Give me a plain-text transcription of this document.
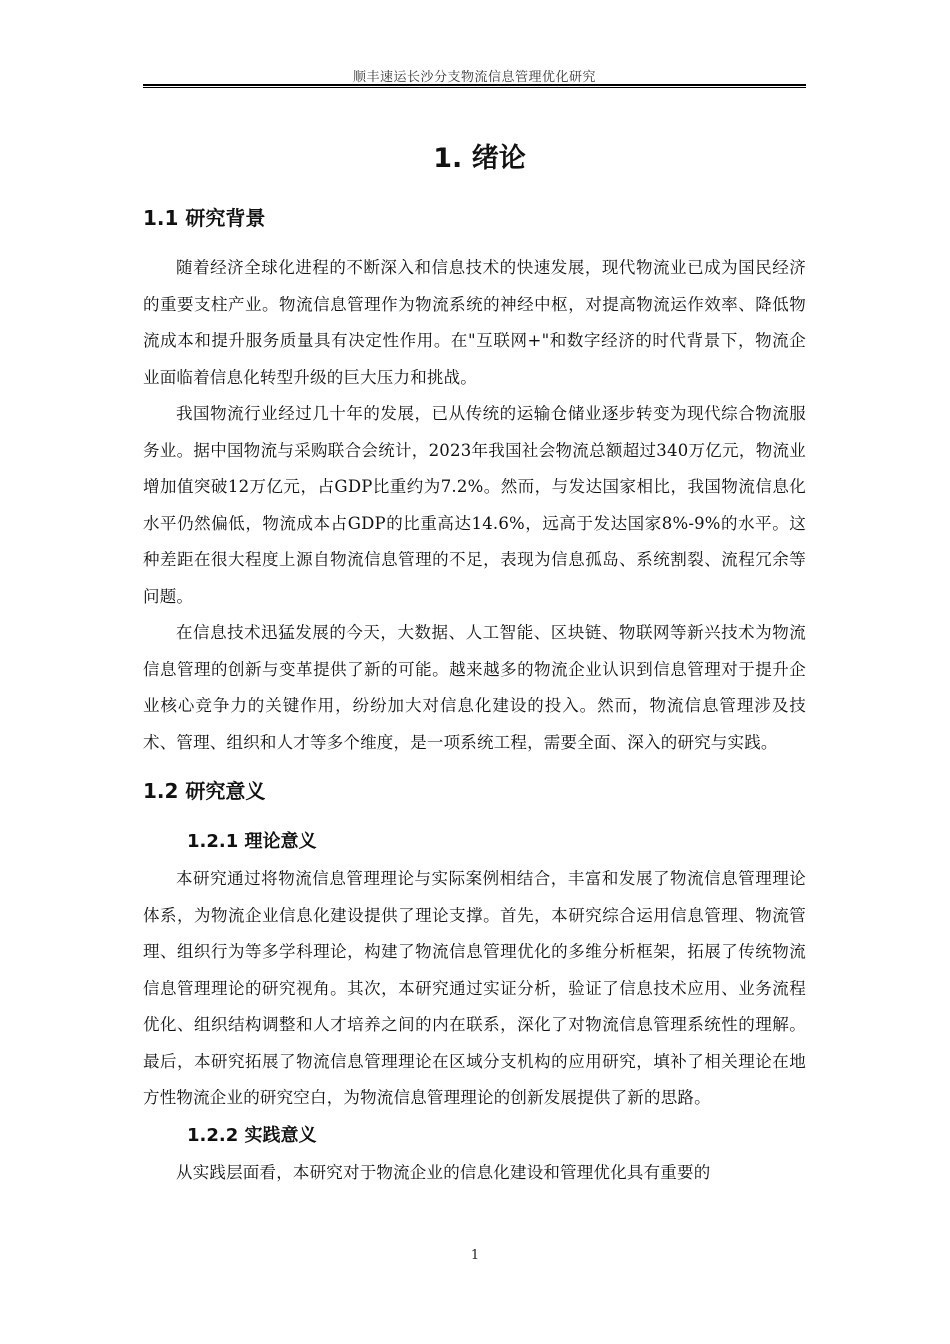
顺丰速运长沙分支物流信息管理优化研究
1. 绪论
1.1 研究背景

随着经济全球化进程的不断深入和信息技术的快速发展，现代物流业已成为国民经济的重要支柱产业。物流信息管理作为物流系统的神经中枢，对提高物流运作效率、降低物流成本和提升服务质量具有决定性作用。在"互联网+"和数字经济的时代背景下，物流企业面临着信息化转型升级的巨大压力和挑战。

我国物流行业经过几十年的发展，已从传统的运输仓储业逐步转变为现代综合物流服务业。据中国物流与采购联合会统计，2023年我国社会物流总额超过340万亿元，物流业增加值突破12万亿元，占GDP比重约为7.2%。然而，与发达国家相比，我国物流信息化水平仍然偏低，物流成本占GDP的比重高达14.6%，远高于发达国家8%-9%的水平。这种差距在很大程度上源自物流信息管理的不足，表现为信息孤岛、系统割裂、流程冗余等问题。

在信息技术迅猛发展的今天，大数据、人工智能、区块链、物联网等新兴技术为物流信息管理的创新与变革提供了新的可能。越来越多的物流企业认识到信息管理对于提升企业核心竞争力的关键作用，纷纷加大对信息化建设的投入。然而，物流信息管理涉及技术、管理、组织和人才等多个维度，是一项系统工程，需要全面、深入的研究与实践。

1.2 研究意义
1.2.1 理论意义

本研究通过将物流信息管理理论与实际案例相结合，丰富和发展了物流信息管理理论体系，为物流企业信息化建设提供了理论支撑。首先，本研究综合运用信息管理、物流管理、组织行为等多学科理论，构建了物流信息管理优化的多维分析框架，拓展了传统物流信息管理理论的研究视角。其次，本研究通过实证分析，验证了信息技术应用、业务流程优化、组织结构调整和人才培养之间的内在联系，深化了对物流信息管理系统性的理解。最后，本研究拓展了物流信息管理理论在区域分支机构的应用研究，填补了相关理论在地方性物流企业的研究空白，为物流信息管理理论的创新发展提供了新的思路。

1.2.2 实践意义

从实践层面看，本研究对于物流企业的信息化建设和管理优化具有重要的

1
